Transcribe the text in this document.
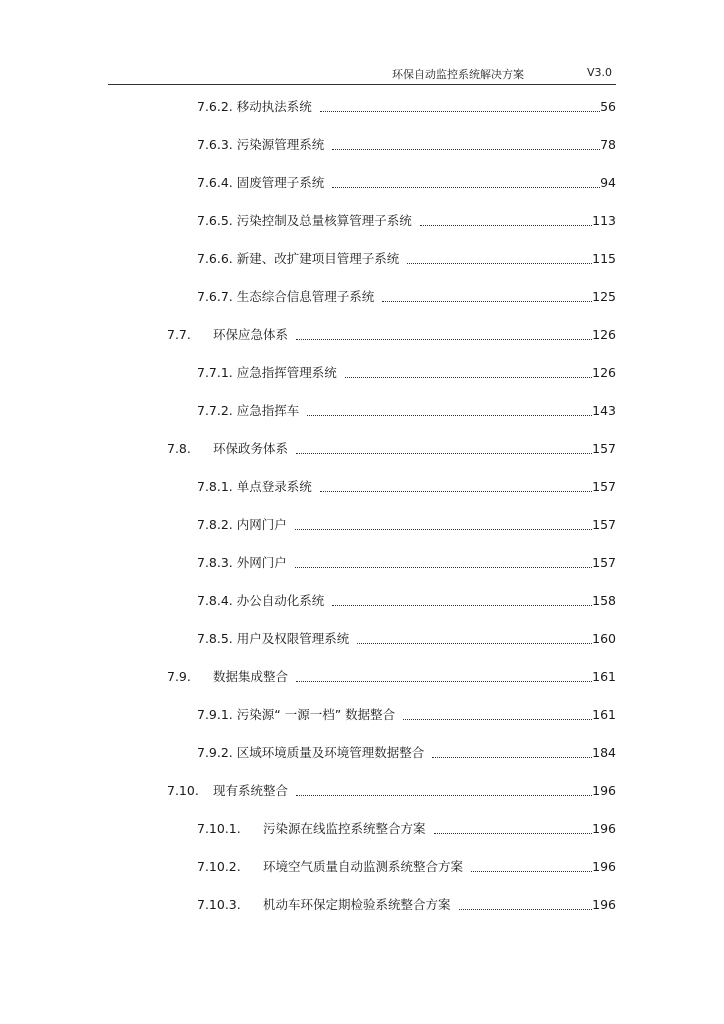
环保自动监控系统解决方案	V3.0
7.6.2. 移动执法系统	56
7.6.3. 污染源管理系统	78
7.6.4. 固废管理子系统	94
7.6.5. 污染控制及总量核算管理子系统	113
7.6.6. 新建、改扩建项目管理子系统	115
7.6.7. 生态综合信息管理子系统	125
7.7.	环保应急体系	126
7.7.1. 应急指挥管理系统	126
7.7.2. 应急指挥车	143
7.8.	环保政务体系	157
7.8.1. 单点登录系统	157
7.8.2. 内网门户	157
7.8.3. 外网门户	157
7.8.4. 办公自动化系统	158
7.8.5. 用户及权限管理系统	160
7.9.	数据集成整合	161
7.9.1. 污染源“ 一源一档” 数据整合	161
7.9.2. 区域环境质量及环境管理数据整合	184
7.10.	现有系统整合	196
7.10.1.	污染源在线监控系统整合方案	196
7.10.2.	环境空气质量自动监测系统整合方案	196
7.10.3.	机动车环保定期检验系统整合方案	196
